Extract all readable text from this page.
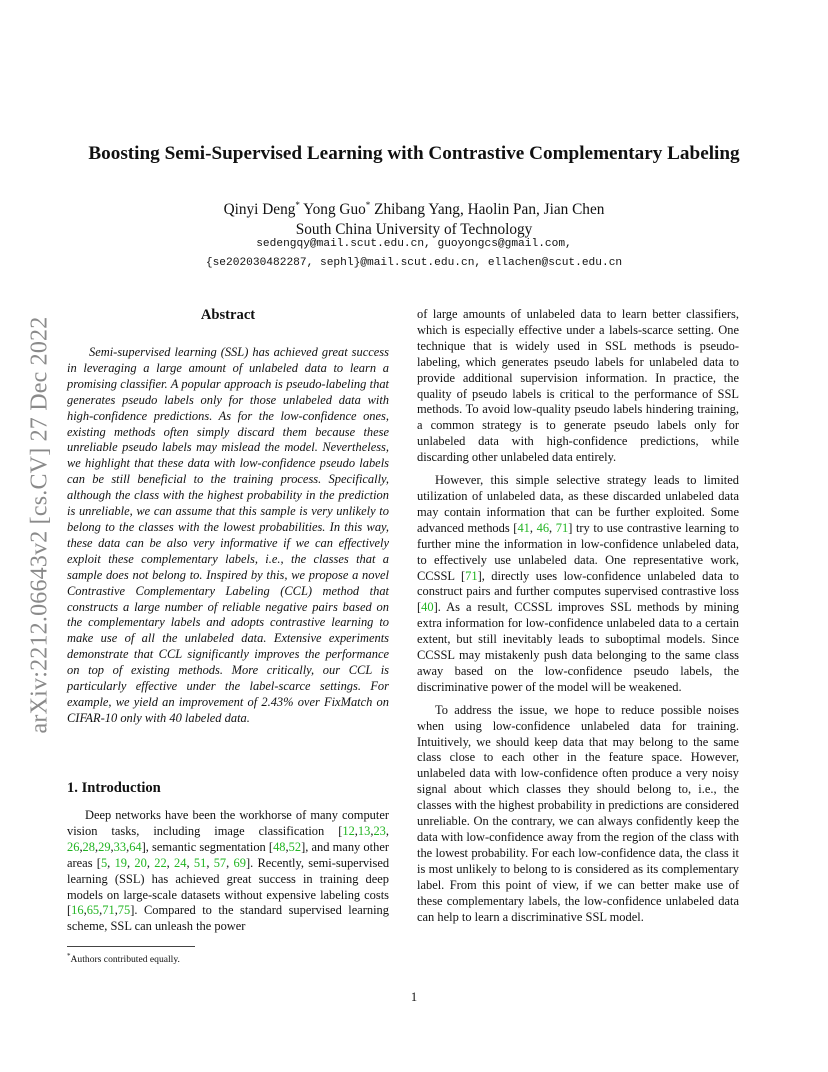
arXiv:2212.06643v2 [cs.CV] 27 Dec 2022
Boosting Semi-Supervised Learning with Contrastive Complementary Labeling
Qinyi Deng* Yong Guo* Zhibang Yang, Haolin Pan, Jian Chen
South China University of Technology
sedengqy@mail.scut.edu.cn, guoyongcs@gmail.com,
{se202030482287, sephl}@mail.scut.edu.cn, ellachen@scut.edu.cn
Abstract

Semi-supervised learning (SSL) has achieved great success in leveraging a large amount of unlabeled data to learn a promising classifier. A popular approach is pseudo-labeling that generates pseudo labels only for those unlabeled data with high-confidence predictions. As for the low-confidence ones, existing methods often simply discard them because these unreliable pseudo labels may mislead the model. Nevertheless, we highlight that these data with low-confidence pseudo labels can be still beneficial to the training process. Specifically, although the class with the highest probability in the prediction is unreliable, we can assume that this sample is very unlikely to belong to the classes with the lowest probabilities. In this way, these data can be also very informative if we can effectively exploit these complementary labels, i.e., the classes that a sample does not belong to. Inspired by this, we propose a novel Contrastive Complementary Labeling (CCL) method that constructs a large number of reliable negative pairs based on the complementary labels and adopts contrastive learning to make use of all the unlabeled data. Extensive experiments demonstrate that CCL significantly improves the performance on top of existing methods. More critically, our CCL is particularly effective under the label-scarce settings. For example, we yield an improvement of 2.43% over FixMatch on CIFAR-10 only with 40 labeled data.

1. Introduction

Deep networks have been the workhorse of many computer vision tasks, including image classification [12,13,23, 26,28,29,33,64], semantic segmentation [48,52], and many other areas [5, 19, 20, 22, 24, 51, 57, 69]. Recently, semi-supervised learning (SSL) has achieved great success in training deep models on large-scale datasets without expensive labeling costs [16,65,71,75]. Compared to the standard supervised learning scheme, SSL can unleash the power

of large amounts of unlabeled data to learn better classifiers, which is especially effective under a labels-scarce setting. One technique that is widely used in SSL methods is pseudo-labeling, which generates pseudo labels for unlabeled data to provide additional supervision information. In practice, the quality of pseudo labels is critical to the performance of SSL methods. To avoid low-quality pseudo labels hindering training, a common strategy is to generate pseudo labels only for unlabeled data with high-confidence predictions, while discarding other unlabeled data entirely.

However, this simple selective strategy leads to limited utilization of unlabeled data, as these discarded unlabeled data may contain information that can be further exploited. Some advanced methods [41, 46, 71] try to use contrastive learning to further mine the information in low-confidence unlabeled data, to effectively use unlabeled data. One representative work, CCSSL [71], directly uses low-confidence unlabeled data to construct pairs and further computes supervised contrastive loss [40]. As a result, CCSSL improves SSL methods by mining extra information for low-confidence unlabeled data to a certain extent, but still inevitably leads to suboptimal models. Since CCSSL may mistakenly push data belonging to the same class away based on the low-confidence pseudo labels, the discriminative power of the model will be weakened.

To address the issue, we hope to reduce possible noises when using low-confidence unlabeled data for training. Intuitively, we should keep data that may belong to the same class close to each other in the feature space. However, unlabeled data with low-confidence often produce a very noisy signal about which classes they should belong to, i.e., the classes with the highest probability in predictions are considered unreliable. On the contrary, we can always confidently keep the data with low-confidence away from the region of the class with the lowest probability. For each low-confidence data, the class it is most unlikely to belong to is considered as its complementary label. From this point of view, if we can better make use of these complementary labels, the low-confidence unlabeled data can help to learn a discriminative SSL model.

*Authors contributed equally.
1
